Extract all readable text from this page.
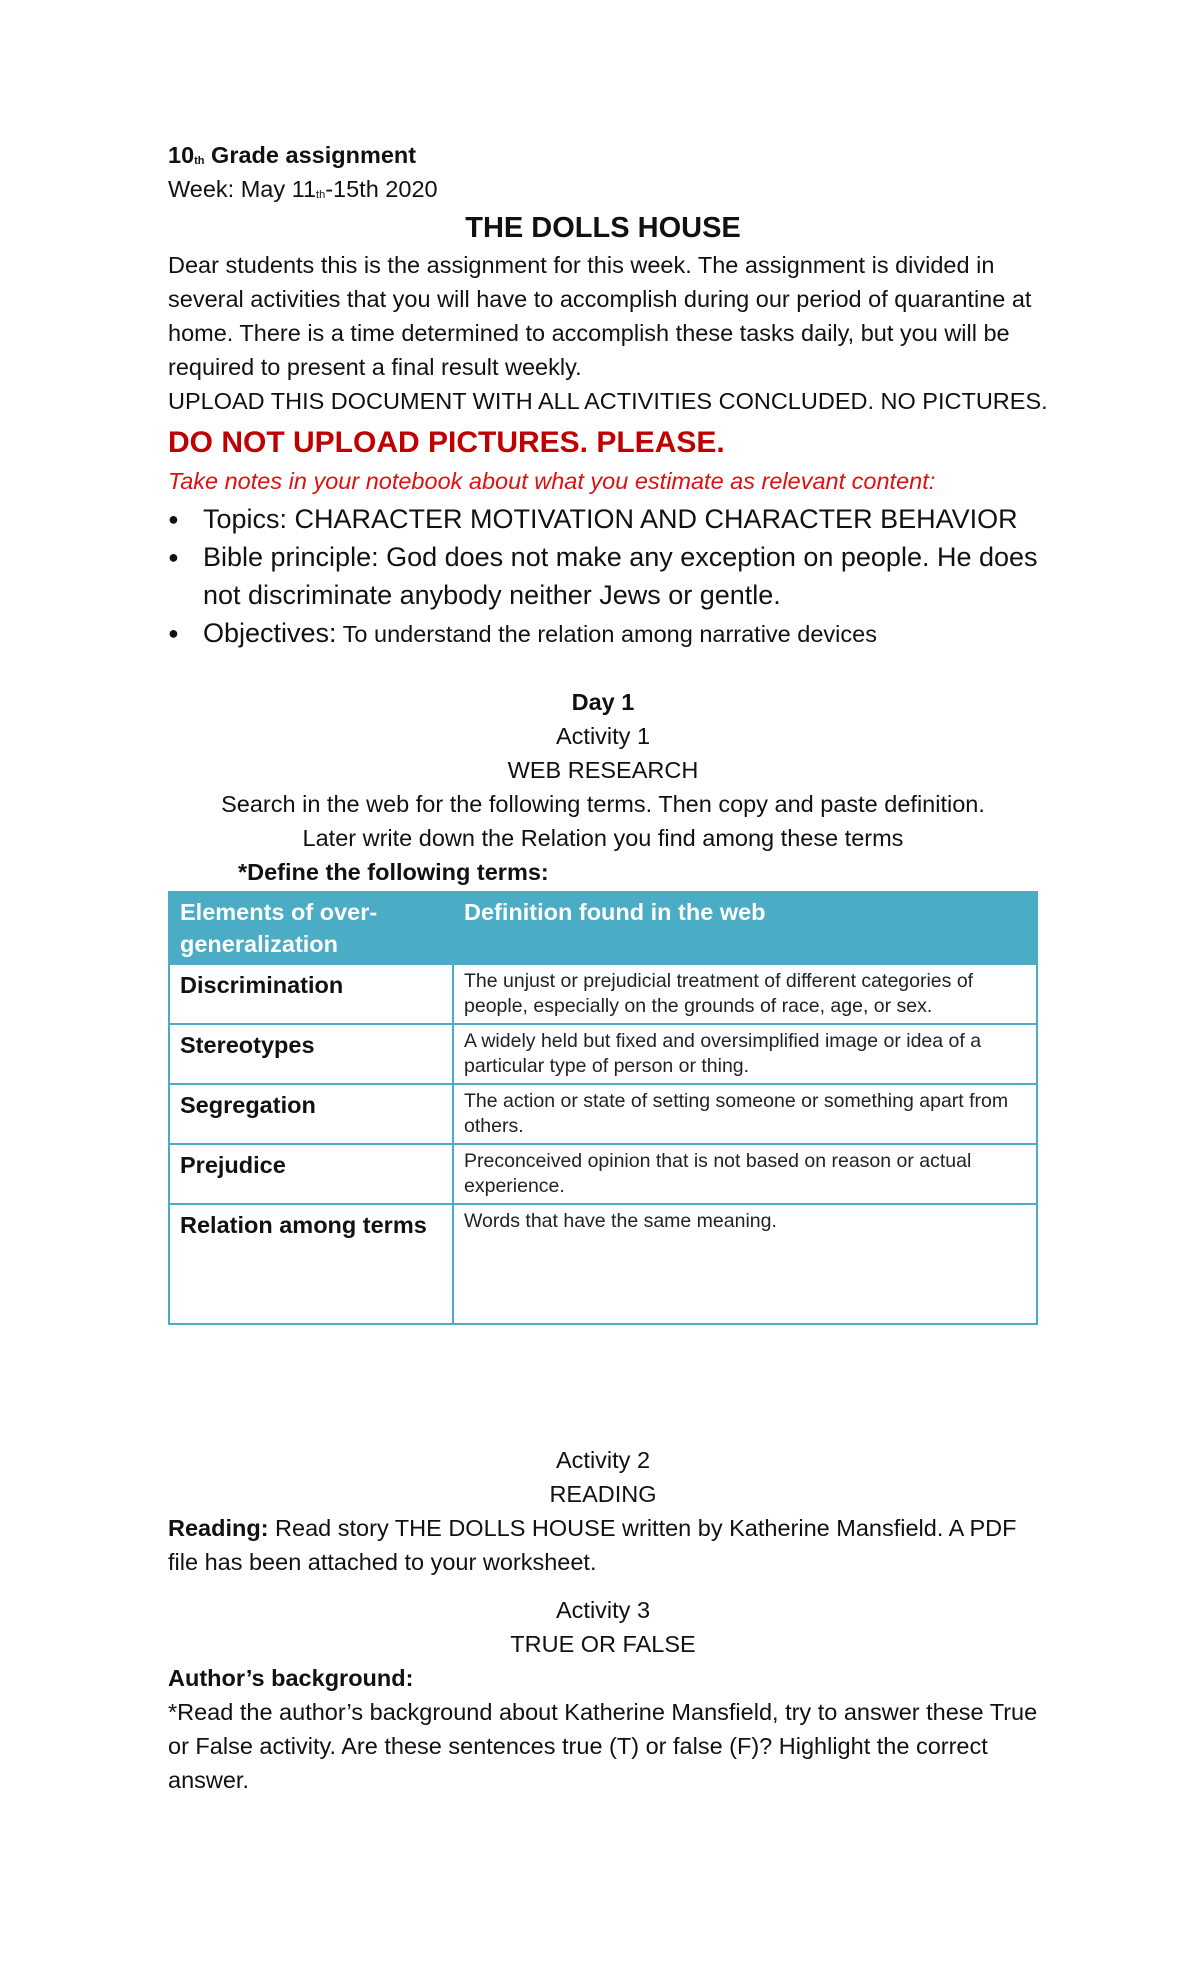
10th Grade assignment
Week: May 11th-15th 2020
THE DOLLS HOUSE
Dear students this is the assignment for this week. The assignment is divided in several activities that you will have to accomplish during our period of quarantine at home. There is a time determined to accomplish these tasks daily, but you will be required to present a final result weekly.
UPLOAD THIS DOCUMENT WITH ALL ACTIVITIES CONCLUDED. NO PICTURES.
DO NOT UPLOAD PICTURES. PLEASE.
Take notes in your notebook about what you estimate as relevant content:
● Topics: CHARACTER MOTIVATION AND CHARACTER BEHAVIOR
● Bible principle: God does not make any exception on people. He does not discriminate anybody neither Jews or gentle.
● Objectives: To understand the relation among narrative devices
Day 1
Activity 1
WEB RESEARCH
Search in the web for the following terms. Then copy and paste definition.
Later write down the Relation you find among these terms
*Define the following terms:
Elements of over-generalization	Definition found in the web
Discrimination	The unjust or prejudicial treatment of different categories of people, especially on the grounds of race, age, or sex.
Stereotypes	A widely held but fixed and oversimplified image or idea of a particular type of person or thing.
Segregation	The action or state of setting someone or something apart from others.
Prejudice	Preconceived opinion that is not based on reason or actual experience.
Relation among terms	Words that have the same meaning.
Activity 2
READING
Reading: Read story THE DOLLS HOUSE written by Katherine Mansfield. A PDF file has been attached to your worksheet.
Activity 3
TRUE OR FALSE
Author’s background:
*Read the author’s background about Katherine Mansfield, try to answer these True or False activity. Are these sentences true (T) or false (F)? Highlight the correct answer.
